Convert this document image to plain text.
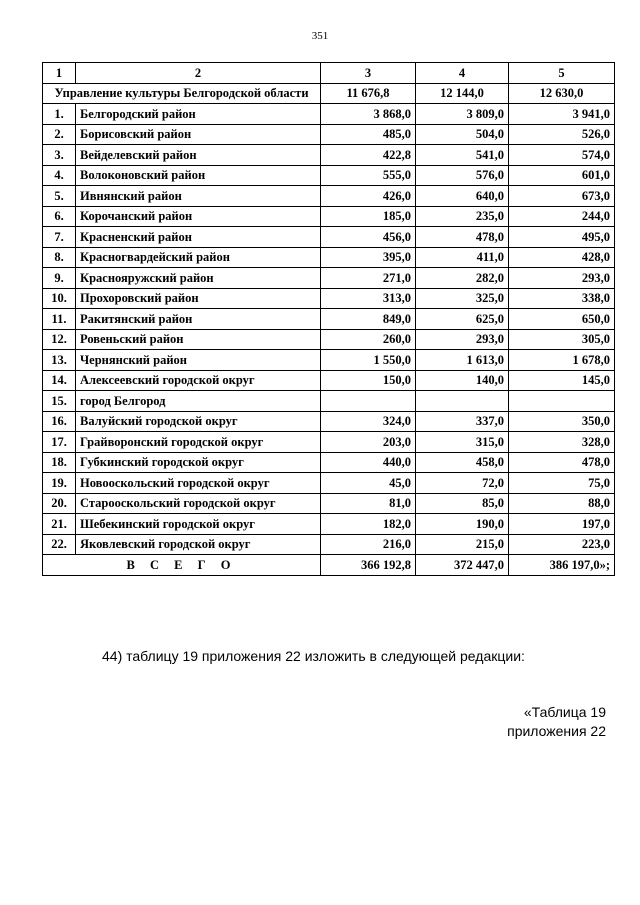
351
1	2	3	4	5
Управление культуры Белгородской области		11 676,8	12 144,0	12 630,0
1.	Белгородский район	3 868,0	3 809,0	3 941,0
2.	Борисовский район	485,0	504,0	526,0
3.	Вейделевский район	422,8	541,0	574,0
4.	Волоконовский район	555,0	576,0	601,0
5.	Ивнянский район	426,0	640,0	673,0
6.	Корочанский район	185,0	235,0	244,0
7.	Красненский район	456,0	478,0	495,0
8.	Красногвардейский район	395,0	411,0	428,0
9.	Краснояружский район	271,0	282,0	293,0
10.	Прохоровский район	313,0	325,0	338,0
11.	Ракитянский район	849,0	625,0	650,0
12.	Ровеньский район	260,0	293,0	305,0
13.	Чернянский район	1 550,0	1 613,0	1 678,0
14.	Алексеевский городской округ	150,0	140,0	145,0
15.	город Белгород			
16.	Валуйский городской округ	324,0	337,0	350,0
17.	Грайворонский городской округ	203,0	315,0	328,0
18.	Губкинский городской округ	440,0	458,0	478,0
19.	Новооскольский городской округ	45,0	72,0	75,0
20.	Старооскольский городской округ	81,0	85,0	88,0
21.	Шебекинский городской округ	182,0	190,0	197,0
22.	Яковлевский городской округ	216,0	215,0	223,0
В С Е Г О		366 192,8	372 447,0	386 197,0»;
44) таблицу 19 приложения 22 изложить в следующей редакции:
«Таблица 19
приложения 22
